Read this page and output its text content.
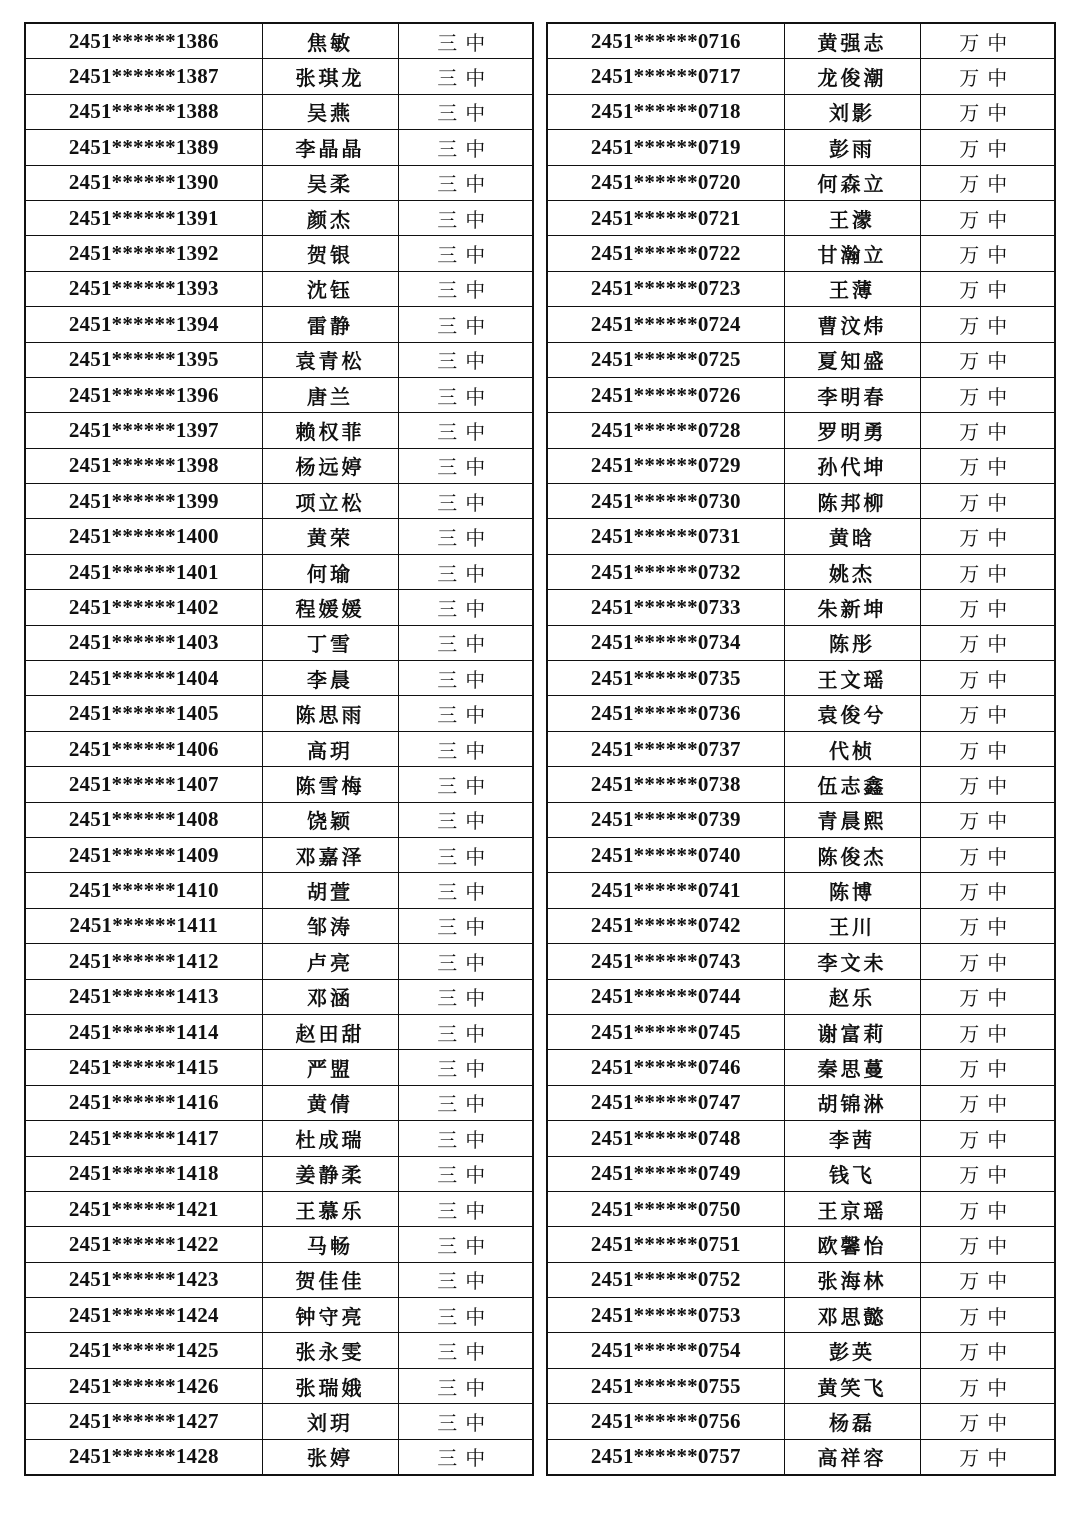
2451******1386	焦敏	三中
2451******1387	张琪龙	三中
2451******1388	吴燕	三中
2451******1389	李晶晶	三中
2451******1390	吴柔	三中
2451******1391	颜杰	三中
2451******1392	贺银	三中
2451******1393	沈钰	三中
2451******1394	雷静	三中
2451******1395	袁青松	三中
2451******1396	唐兰	三中
2451******1397	赖权菲	三中
2451******1398	杨远婷	三中
2451******1399	项立松	三中
2451******1400	黄荣	三中
2451******1401	何瑜	三中
2451******1402	程媛媛	三中
2451******1403	丁雪	三中
2451******1404	李晨	三中
2451******1405	陈思雨	三中
2451******1406	高玥	三中
2451******1407	陈雪梅	三中
2451******1408	饶颖	三中
2451******1409	邓嘉泽	三中
2451******1410	胡萱	三中
2451******1411	邹涛	三中
2451******1412	卢亮	三中
2451******1413	邓涵	三中
2451******1414	赵田甜	三中
2451******1415	严盟	三中
2451******1416	黄倩	三中
2451******1417	杜成瑞	三中
2451******1418	姜静柔	三中
2451******1421	王慕乐	三中
2451******1422	马畅	三中
2451******1423	贺佳佳	三中
2451******1424	钟守亮	三中
2451******1425	张永雯	三中
2451******1426	张瑞娥	三中
2451******1427	刘玥	三中
2451******1428	张婷	三中
2451******0716	黄强志	万中
2451******0717	龙俊潮	万中
2451******0718	刘影	万中
2451******0719	彭雨	万中
2451******0720	何森立	万中
2451******0721	王濛	万中
2451******0722	甘瀚立	万中
2451******0723	王薄	万中
2451******0724	曹汶炜	万中
2451******0725	夏知盛	万中
2451******0726	李明春	万中
2451******0728	罗明勇	万中
2451******0729	孙代坤	万中
2451******0730	陈邦柳	万中
2451******0731	黄晗	万中
2451******0732	姚杰	万中
2451******0733	朱新坤	万中
2451******0734	陈彤	万中
2451******0735	王文瑶	万中
2451******0736	袁俊兮	万中
2451******0737	代桢	万中
2451******0738	伍志鑫	万中
2451******0739	青晨熙	万中
2451******0740	陈俊杰	万中
2451******0741	陈博	万中
2451******0742	王川	万中
2451******0743	李文未	万中
2451******0744	赵乐	万中
2451******0745	谢富莉	万中
2451******0746	秦思蔓	万中
2451******0747	胡锦淋	万中
2451******0748	李茜	万中
2451******0749	钱飞	万中
2451******0750	王京瑶	万中
2451******0751	欧馨怡	万中
2451******0752	张海林	万中
2451******0753	邓思懿	万中
2451******0754	彭英	万中
2451******0755	黄笑飞	万中
2451******0756	杨磊	万中
2451******0757	高祥容	万中
